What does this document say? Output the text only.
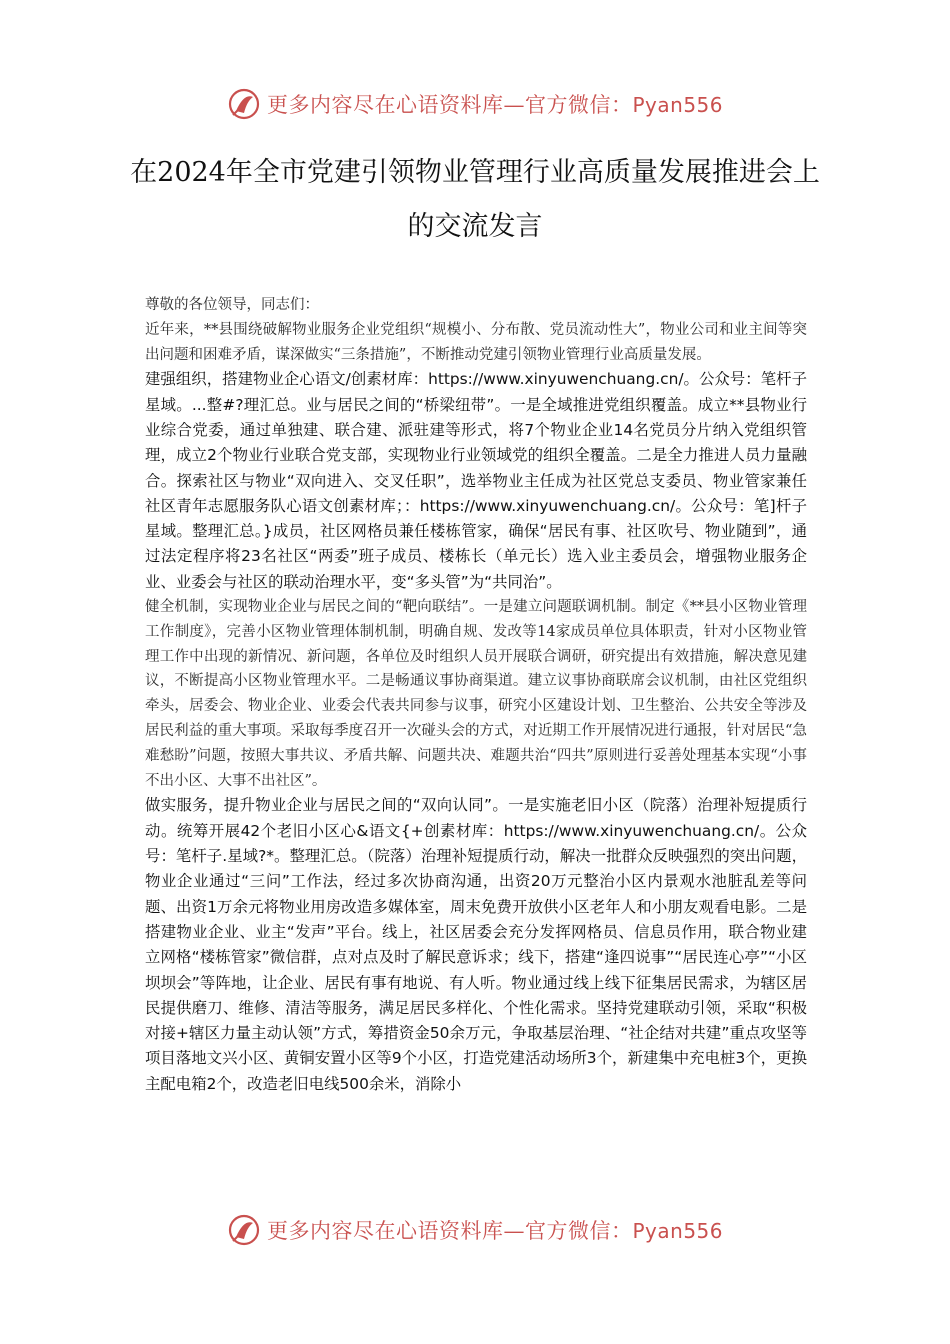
更多内容尽在心语资料库—官方微信：Pyan556
在2024年全市党建引领物业管理行业高质量发展推进会上的交流发言

尊敬的各位领导，同志们：

近年来，**县围绕破解物业服务企业党组织“规模小、分布散、党员流动性大”，物业公司和业主间等突出问题和困难矛盾，谋深做实“三条措施”，不断推动党建引领物业管理行业高质量发展。

建强组织，搭建物业企心语文/创素材库：https://www.xinyuwenchuang.cn/。公众号：笔杆子星域。...整#?理汇总。业与居民之间的“桥梁纽带”。一是全域推进党组织覆盖。成立**县物业行业综合党委，通过单独建、联合建、派驻建等形式，将7个物业企业14名党员分片纳入党组织管理，成立2个物业行业联合党支部，实现物业行业领域党的组织全覆盖。二是全力推进人员力量融合。探索社区与物业“双向进入、交叉任职”，选举物业主任成为社区党总支委员、物业管家兼任社区青年志愿服务队心语文创素材库；：https://www.xinyuwenchuang.cn/。公众号：笔]杆子星域。整理汇总。}成员，社区网格员兼任楼栋管家，确保“居民有事、社区吹号、物业随到”，通过法定程序将23名社区“两委”班子成员、楼栋长（单元长）选入业主委员会，增强物业服务企业、业委会与社区的联动治理水平，变“多头管”为“共同治”。

健全机制，实现物业企业与居民之间的“靶向联结”。一是建立问题联调机制。制定《**县小区物业管理工作制度》，完善小区物业管理体制机制，明确自规、发改等14家成员单位具体职责，针对小区物业管理工作中出现的新情况、新问题，各单位及时组织人员开展联合调研，研究提出有效措施，解决意见建议，不断提高小区物业管理水平。二是畅通议事协商渠道。建立议事协商联席会议机制，由社区党组织牵头，居委会、物业企业、业委会代表共同参与议事，研究小区建设计划、卫生整治、公共安全等涉及居民利益的重大事项。采取每季度召开一次碰头会的方式，对近期工作开展情况进行通报，针对居民“急难愁盼”问题，按照大事共议、矛盾共解、问题共决、难题共治“四共”原则进行妥善处理基本实现“小事不出小区、大事不出社区”。

做实服务，提升物业企业与居民之间的“双向认同”。一是实施老旧小区（院落）治理补短提质行动。统筹开展42个老旧小区心&语文{+创素材库：https://www.xinyuwenchuang.cn/。公众号：笔杆子.星域?*。整理汇总。（院落）治理补短提质行动，解决一批群众反映强烈的突出问题，物业企业通过“三问”工作法，经过多次协商沟通，出资20万元整治小区内景观水池脏乱差等问题、出资1万余元将物业用房改造多媒体室，周末免费开放供小区老年人和小朋友观看电影。二是搭建物业企业、业主“发声”平台。线上，社区居委会充分发挥网格员、信息员作用，联合物业建立网格“楼栋管家”微信群，点对点及时了解民意诉求；线下，搭建“逢四说事”“居民连心亭”“小区坝坝会”等阵地，让企业、居民有事有地说、有人听。物业通过线上线下征集居民需求，为辖区居民提供磨刀、维修、清洁等服务，满足居民多样化、个性化需求。坚持党建联动引领，采取“积极对接+辖区力量主动认领”方式，筹措资金50余万元，争取基层治理、“社企结对共建”重点攻坚等项目落地文兴小区、黄铜安置小区等9个小区，打造党建活动场所3个，新建集中充电桩3个，更换主配电箱2个，改造老旧电线500余米，消除小

更多内容尽在心语资料库—官方微信：Pyan556
